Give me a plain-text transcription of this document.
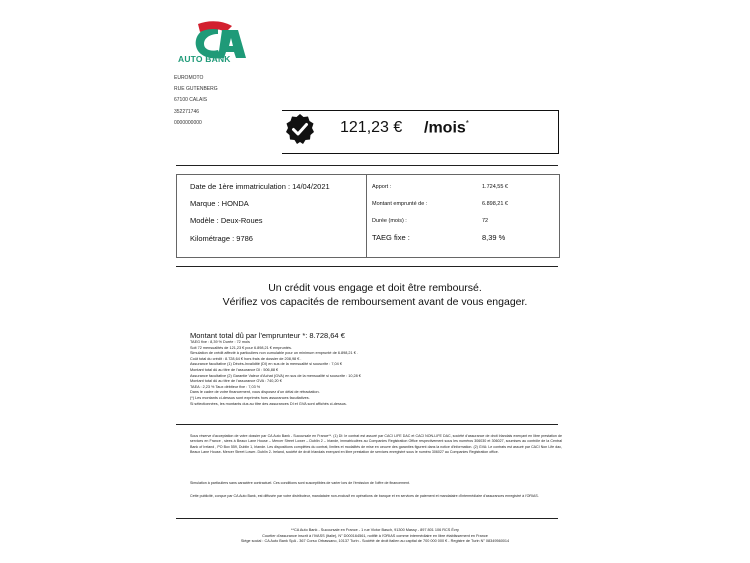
AUTO BANK
EUROMOTO
RUE GUTENBERG
67100 CALAIS
352271746
0000000000	121,23 € /mois*
Date de 1ère immatriculation : 14/04/2021
Marque : HONDA
Modèle : Deux-Roues
Kilométrage : 9786
Apport :	1.724,55 €
Montant emprunté de :	6.898,21 €
Durée (mois) :	72
TAEG fixe :	8,39 %
Un crédit vous engage et doit être remboursé.
Vérifiez vos capacités de remboursement avant de vous engager.
Montant total dû par l'emprunteur *: 8.728,64 €
TAEG fixe : 8,39 % Durée : 72 mois
Soit 72 mensualités de 121,23 € pour 6.898,21 € empruntés.
Simulation de crédit affecté à particuliers non cumulable pour un minimum emprunté de 6.898,21 € .
Coût total du crédit : 8.728,64 € hors frais de dossier de 208,98 € .
Assurance facultative (1) Décès-Invalidité (DI) en sus de la mensualité si souscrite : 7,04 €
Montant total dû au titre de l'assurance DI : 506,88 €
Assurance facultative (2) Garantie Valeur d'Achat (GVA) en sus de la mensualité si souscrite : 10,28 €
Montant total dû au titre de l'assurance GVA : 740,20 €
TAEA : 2,23 % Taux débiteur fixe : 7,03 %
Dans le cadre de votre financement, vous disposez d'un délai de rétractation.
(*) Les montants ci-dessus sont exprimés hors assurances facultatives.
Si sélectionnées, les montants dus au titre des assurances DI et GVA sont affichés ci-dessus.
Sous réserve d'acceptation de votre dossier par CA Auto Bank - Succursale en France**. (1) DI: le contrat est assuré par CACI LIFE DAC et CACI NON-LIFE DAC, société d'assurance de droit Irlandais exerçant en libre prestation de services en France , siees à Beaux Lane House – Mercer Street Lower – Dublin 2 – Irlande, immatriculées au Companies Registration Office respectivement sous les numéros 306030 et 306027, soumises au contrôle de la Central Bank of Ireland , PO Box 559, Dublin 1, Irlande. Les dispositions complètes du contrat, limites et modalités de mise en oeuvre des garanties figurent dans la notice d'information. (2) GVA: Le contrats est assuré par CACI Non Life dac, Beaux Lane House- Mercer Street Lower- Dublin 2- Ireland, société de droit Irlandais exerçant en libre prestation de services enregistré sous le numéro 306027 au Companies Registration office.
Simulation à particuliers sans caractère contractuel. Ces conditions sont susceptibles de varier lors de l'émission de l'offre de financement.
Cette publicité, conçue par CA Auto Bank, est diffusée par votre distributeur, mandataire non-exclusif en opérations de banque et en services de paiement et mandataire d'intermédiaire d'assurances enregistré à l'ORIAS.
**CA Auto Bank - Succursale en France - 1 rue Victor Basch, 91300 Massy - 897 801 106 RCS Évry
Courtier d'assurance inscrit à l'IVASS (Italie), N° D000164561, notifié à l'ORIAS comme intermédiaire en libre établissement en France
Siège social : CA Auto Bank SpA - 367 Corso Orbassano, 10137 Turin - Société de droit italien au capital de 700 000 000 € - Registre de Turin N° 08349560014
